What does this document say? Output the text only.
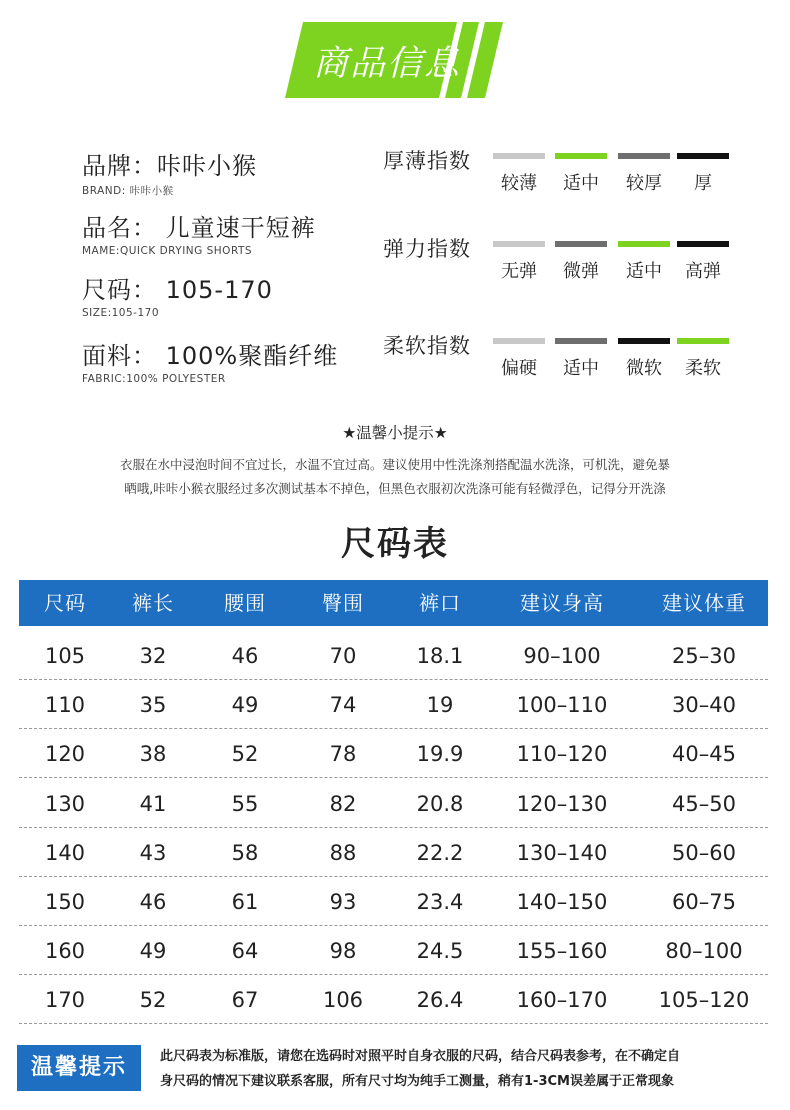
商品信息
品牌：咔咔小猴
BRAND: 咔咔小猴
品名： 儿童速干短裤
MAME:QUICK DRYING SHORTS
尺码： 105-170
SIZE:105-170
面料： 100%聚酯纤维
FABRIC:100% POLYESTER
厚薄指数
较薄	适中	较厚	厚
弹力指数
无弹	微弹	适中	高弹
柔软指数
偏硬	适中	微软	柔软
★温馨小提示★
衣服在水中浸泡时间不宜过长，水温不宜过高。建议使用中性洗涤剂搭配温水洗涤，可机洗，避免暴
晒哦,咔咔小猴衣服经过多次测试基本不掉色，但黑色衣服初次洗涤可能有轻微浮色，记得分开洗涤
尺码表
尺码	裤长	腰围	臀围	裤口	建议身高	建议体重
105	32	46	70	18.1	90–100	25–30
110	35	49	74	19	100–110	30–40
120	38	52	78	19.9	110–120	40–45
130	41	55	82	20.8	120–130	45–50
140	43	58	88	22.2	130–140	50–60
150	46	61	93	23.4	140–150	60–75
160	49	64	98	24.5	155–160	80–100
170	52	67	106	26.4	160–170	105–120
温馨提示	此尺码表为标准版，请您在选码时对照平时自身衣服的尺码，结合尺码表参考，在不确定自
身尺码的情况下建议联系客服，所有尺寸均为纯手工测量，稍有1-3CM误差属于正常现象
